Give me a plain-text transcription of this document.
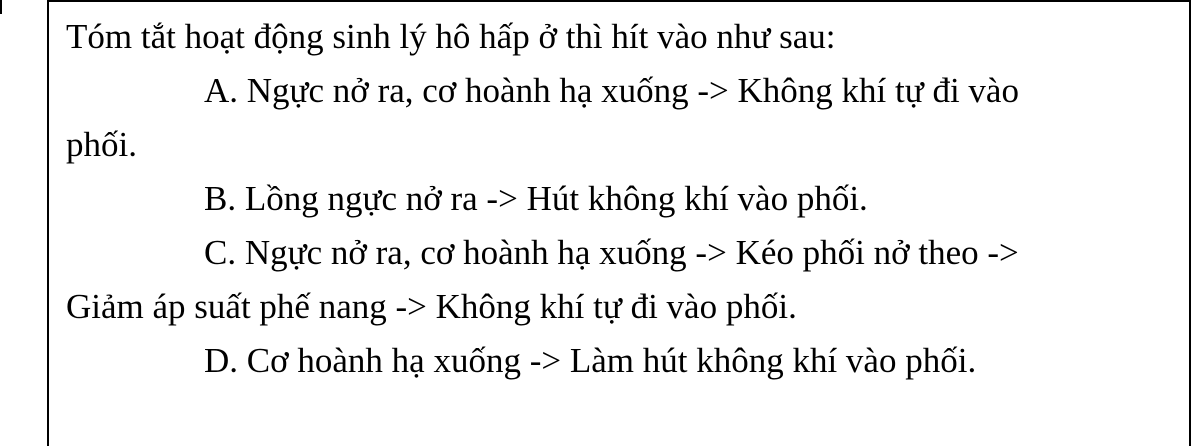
Tóm tắt hoạt động sinh lý hô hấp ở thì hít vào như sau:
A. Ngực nở ra, cơ hoành hạ xuống -> Không khí tự đi vào
phối.
B. Lồng ngực nở ra -> Hút không khí vào phối.
C. Ngực nở ra, cơ hoành hạ xuống -> Kéo phối nở theo ->
Giảm áp suất phế nang -> Không khí tự đi vào phối.
D. Cơ hoành hạ xuống -> Làm hút không khí vào phối.
